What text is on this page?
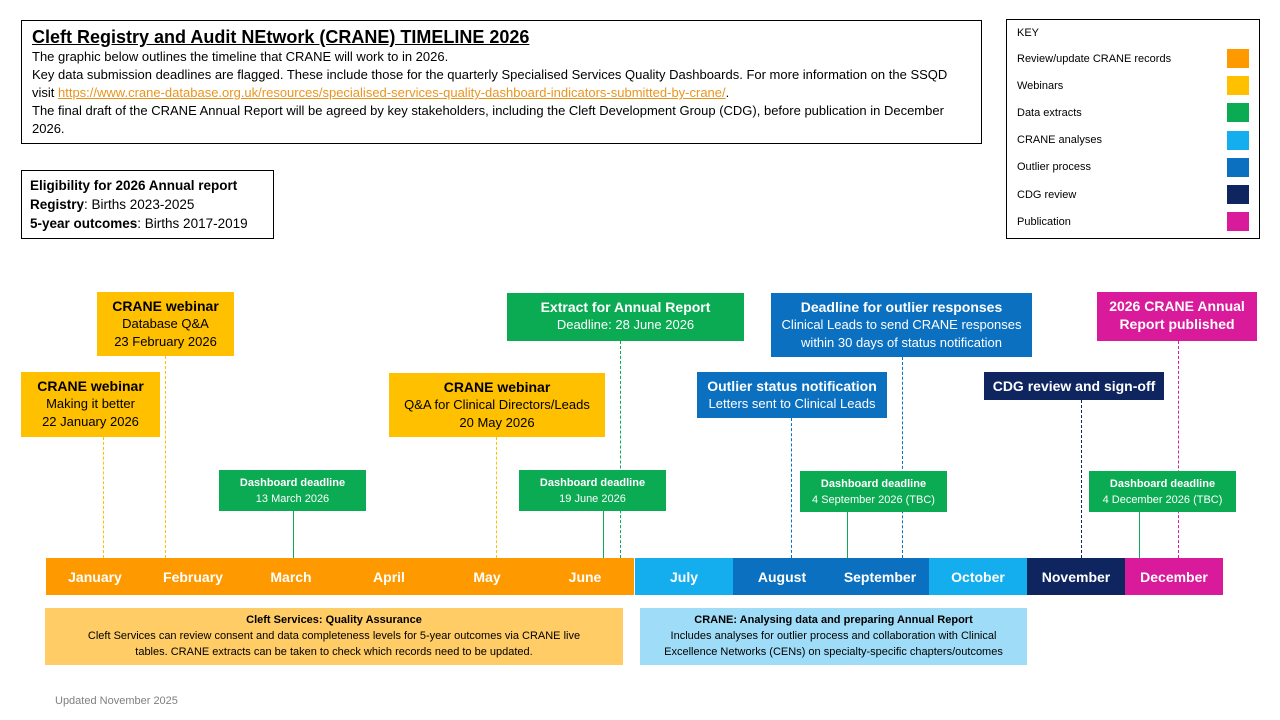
Cleft Registry and Audit NEtwork (CRANE) TIMELINE 2026

The graphic below outlines the timeline that CRANE will work to in 2026.

Key data submission deadlines are flagged. These include those for the quarterly Specialised Services Quality Dashboards. For more information on the SSQD visit https://www.crane-database.org.uk/resources/specialised-services-quality-dashboard-indicators-submitted-by-crane/.

The final draft of the CRANE Annual Report will be agreed by key stakeholders, including the Cleft Development Group (CDG), before publication in December 2026.

Eligibility for 2026 Annual report
Registry: Births 2023-2025
5-year outcomes: Births 2017-2019
KEY
Review/update CRANE records
Webinars
Data extracts
CRANE analyses
Outlier process
CDG review
Publication
CRANE webinar
Making it better
22 January 2026
CRANE webinar
Database Q&A
23 February 2026
Dashboard deadline
13 March 2026
CRANE webinar
Q&A for Clinical Directors/Leads
20 May 2026
Extract for Annual Report
Deadline: 28 June 2026
Dashboard deadline
19 June 2026
Outlier status notification
Letters sent to Clinical Leads
Deadline for outlier responses
Clinical Leads to send CRANE responses
within 30 days of status notification
Dashboard deadline
4 September 2026 (TBC)
CDG review and sign-off
2026 CRANE Annual
Report published
Dashboard deadline
4 December 2026 (TBC)
January	February	March	April	May	June	July	August	September	October	November	December
Cleft Services: Quality Assurance
Cleft Services can review consent and data completeness levels for 5-year outcomes via CRANE live
tables. CRANE extracts can be taken to check which records need to be updated.
CRANE: Analysing data and preparing Annual Report
Includes analyses for outlier process and collaboration with Clinical
Excellence Networks (CENs) on specialty-specific chapters/outcomes
Updated November 2025
